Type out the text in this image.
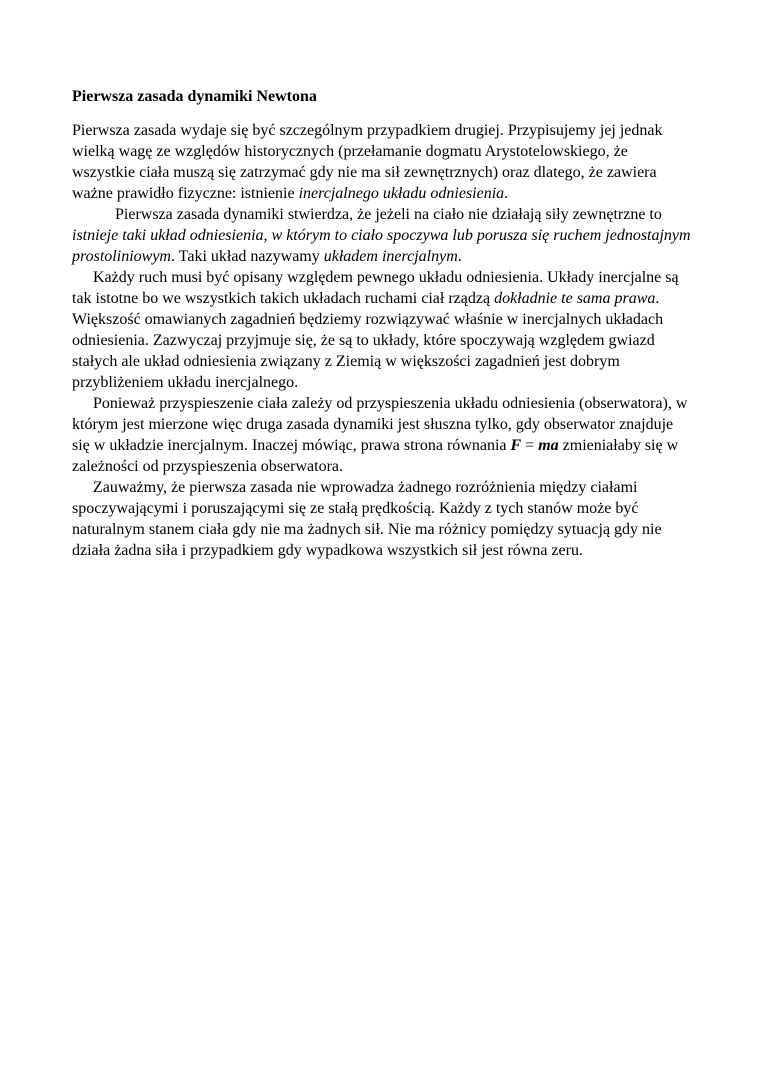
Pierwsza zasada dynamiki Newtona

Pierwsza zasada wydaje się być szczególnym przypadkiem drugiej. Przypisujemy jej jednak wielką wagę ze względów historycznych (przełamanie dogmatu Arystotelowskiego, że wszystkie ciała muszą się zatrzymać gdy nie ma sił zewnętrznych) oraz dlatego, że zawiera ważne prawidło fizyczne: istnienie inercjalnego układu odniesienia.

Pierwsza zasada dynamiki stwierdza, że jeżeli na ciało nie działają siły zewnętrzne to istnieje taki układ odniesienia, w którym to ciało spoczywa lub porusza się ruchem jednostajnym prostoliniowym. Taki układ nazywamy układem inercjalnym.

Każdy ruch musi być opisany względem pewnego układu odniesienia. Układy inercjalne są tak istotne bo we wszystkich takich układach ruchami ciał rządzą dokładnie te sama prawa. Większość omawianych zagadnień będziemy rozwiązywać właśnie w inercjalnych układach odniesienia. Zazwyczaj przyjmuje się, że są to układy, które spoczywają względem gwiazd stałych ale układ odniesienia związany z Ziemią w większości zagadnień jest dobrym przybliżeniem układu inercjalnego.

Ponieważ przyspieszenie ciała zależy od przyspieszenia układu odniesienia (obserwatora), w którym jest mierzone więc druga zasada dynamiki jest słuszna tylko, gdy obserwator znajduje się w układzie inercjalnym. Inaczej mówiąc, prawa strona równania F = ma zmieniałaby się w zależności od przyspieszenia obserwatora.

Zauważmy, że pierwsza zasada nie wprowadza żadnego rozróżnienia między ciałami spoczywającymi i poruszającymi się ze stałą prędkością. Każdy z tych stanów może być naturalnym stanem ciała gdy nie ma żadnych sił. Nie ma różnicy pomiędzy sytuacją gdy nie działa żadna siła i przypadkiem gdy wypadkowa wszystkich sił jest równa zeru.
